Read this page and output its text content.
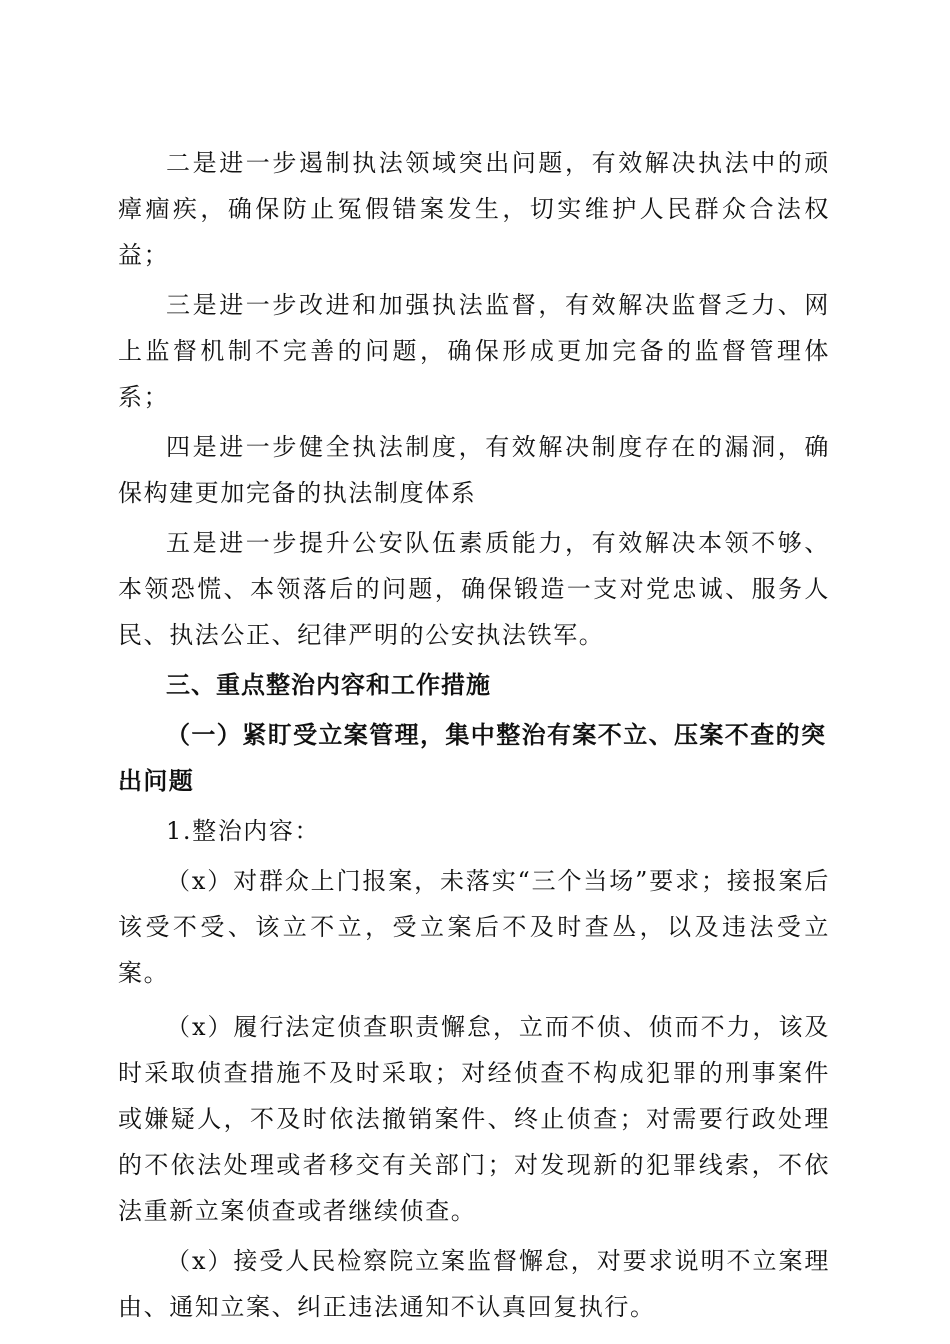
二是进一步遏制执法领域突出问题，有效解决执法中的顽瘴痼疾，确保防止冤假错案发生，切实维护人民群众合法权益；

三是进一步改进和加强执法监督，有效解决监督乏力、网上监督机制不完善的问题，确保形成更加完备的监督管理体系；

四是进一步健全执法制度，有效解决制度存在的漏洞，确保构建更加完备的执法制度体系

五是进一步提升公安队伍素质能力，有效解决本领不够、本领恐慌、本领落后的问题，确保锻造一支对党忠诚、服务人民、执法公正、纪律严明的公安执法铁军。

三、重点整治内容和工作措施

（一）紧盯受立案管理，集中整治有案不立、压案不查的突出问题

1.整治内容：

（x）对群众上门报案，未落实“三个当场”要求；接报案后该受不受、该立不立，受立案后不及时查丛，以及违法受立案。

（x）履行法定侦查职责懈怠，立而不侦、侦而不力，该及时采取侦查措施不及时采取；对经侦查不构成犯罪的刑事案件或嫌疑人，不及时依法撤销案件、终止侦查；对需要行政处理的不依法处理或者移交有关部门；对发现新的犯罪线索，不依法重新立案侦查或者继续侦查。

（x）接受人民检察院立案监督懈怠，对要求说明不立案理由、通知立案、纠正违法通知不认真回复执行。
